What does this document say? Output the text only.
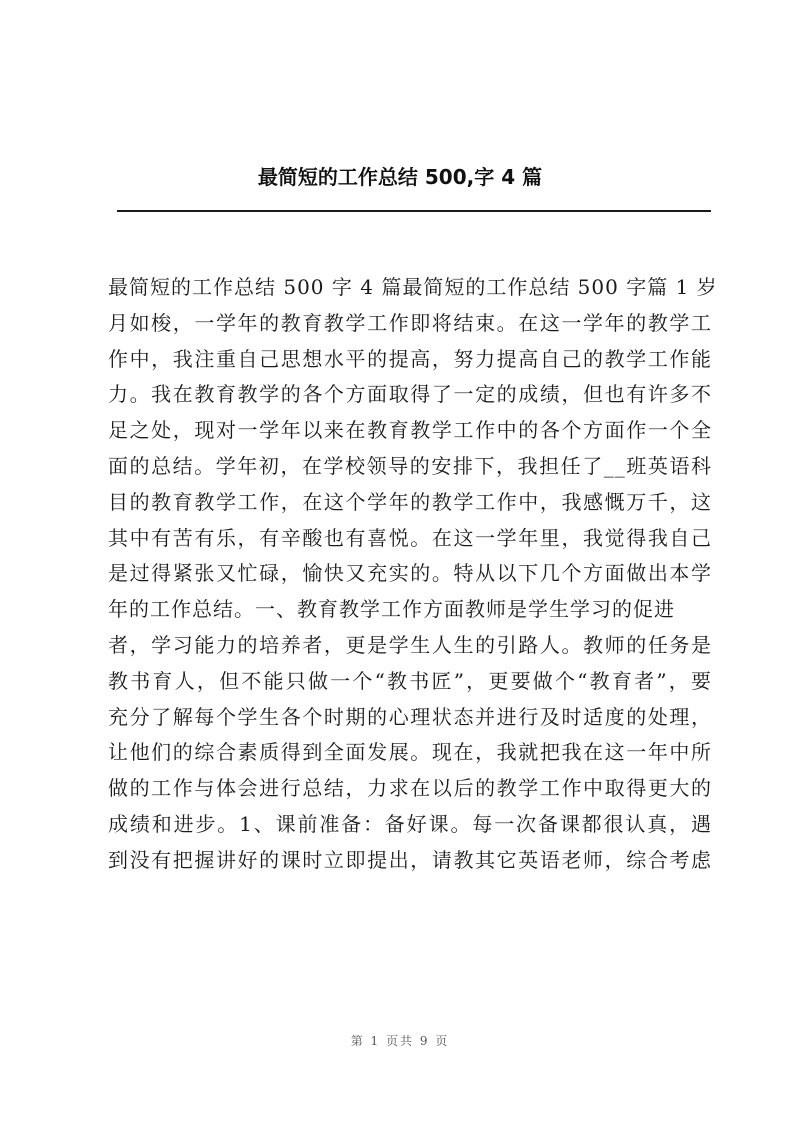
最简短的工作总结 500,字 4 篇
最简短的工作总结 500 字 4 篇最简短的工作总结 500 字篇 1 岁
月如梭，一学年的教育教学工作即将结束。在这一学年的教学工
作中，我注重自己思想水平的提高，努力提高自己的教学工作能
力。我在教育教学的各个方面取得了一定的成绩，但也有许多不
足之处，现对一学年以来在教育教学工作中的各个方面作一个全
面的总结。学年初，在学校领导的安排下，我担任了__班英语科
目的教育教学工作，在这个学年的教学工作中，我感慨万千，这
其中有苦有乐，有辛酸也有喜悦。在这一学年里，我觉得我自己
是过得紧张又忙碌，愉快又充实的。特从以下几个方面做出本学
年的工作总结。一、教育教学工作方面教师是学生学习的促进
者，学习能力的培养者，更是学生人生的引路人。教师的任务是
教书育人，但不能只做一个“教书匠”，更要做个“教育者”，要
充分了解每个学生各个时期的心理状态并进行及时适度的处理，
让他们的综合素质得到全面发展。现在，我就把我在这一年中所
做的工作与体会进行总结，力求在以后的教学工作中取得更大的
成绩和进步。1、课前准备：备好课。每一次备课都很认真，遇
到没有把握讲好的课时立即提出，请教其它英语老师，综合考虑
第 1 页共 9 页
